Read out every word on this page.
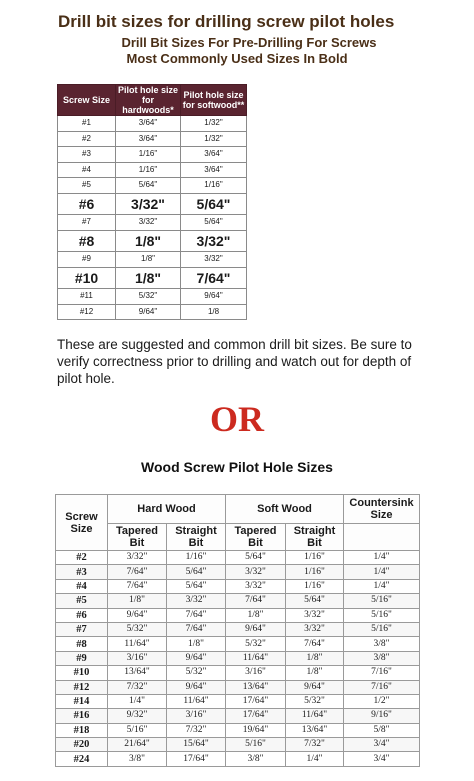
Drill bit sizes for drilling screw pilot holes
Drill Bit Sizes For Pre-Drilling For Screws
Most Commonly Used Sizes In Bold
Screw Size	Pilot hole size for hardwoods*	Pilot hole size for softwood**
#1	3/64"	1/32"
#2	3/64"	1/32"
#3	1/16"	3/64"
#4	1/16"	3/64"
#5	5/64"	1/16"
#6	3/32"	5/64"
#7	3/32"	5/64"
#8	1/8"	3/32"
#9	1/8"	3/32"
#10	1/8"	7/64"
#11	5/32"	9/64"
#12	9/64"	1/8
These are suggested and common drill bit sizes. Be sure to verify correctness prior to drilling and watch out for depth of pilot hole.
OR
Wood Screw Pilot Hole Sizes
Screw Size	Hard Wood		Soft Wood		Countersink Size
	Tapered Bit	Straight Bit	Tapered Bit	Straight Bit	
#2	3/32"	1/16"	5/64"	1/16"	1/4"
#3	7/64"	5/64"	3/32"	1/16"	1/4"
#4	7/64"	5/64"	3/32"	1/16"	1/4"
#5	1/8"	3/32"	7/64"	5/64"	5/16"
#6	9/64"	7/64"	1/8"	3/32"	5/16"
#7	5/32"	7/64"	9/64"	3/32"	5/16"
#8	11/64"	1/8"	5/32"	7/64"	3/8"
#9	3/16"	9/64"	11/64"	1/8"	3/8"
#10	13/64"	5/32"	3/16"	1/8"	7/16"
#12	7/32"	9/64"	13/64"	9/64"	7/16"
#14	1/4"	11/64"	17/64"	5/32"	1/2"
#16	9/32"	3/16"	17/64"	11/64"	9/16"
#18	5/16"	7/32"	19/64"	13/64"	5/8"
#20	21/64"	15/64"	5/16"	7/32"	3/4"
#24	3/8"	17/64"	3/8"	1/4"	3/4"
